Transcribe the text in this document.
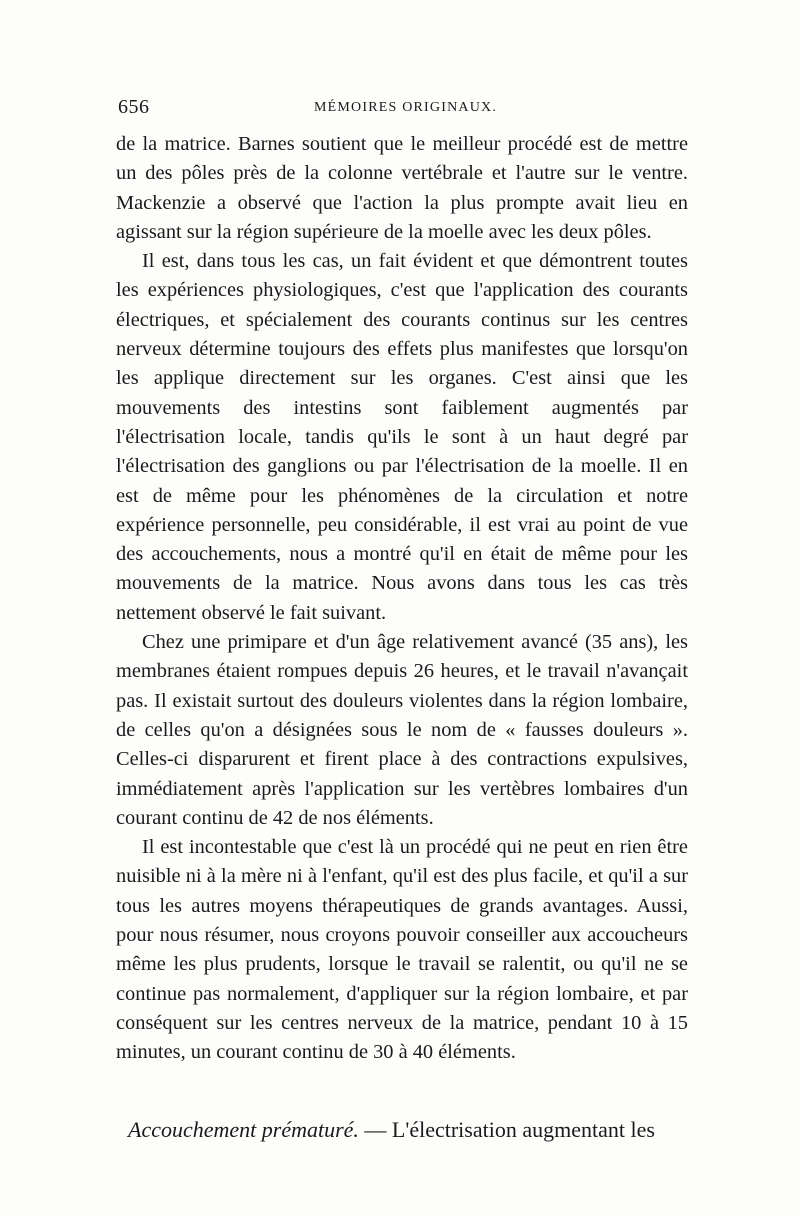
656	MÉMOIRES ORIGINAUX.

de la matrice. Barnes soutient que le meilleur procédé est de mettre un des pôles près de la colonne vertébrale et l'autre sur le ventre. Mackenzie a observé que l'action la plus prompte avait lieu en agissant sur la région supérieure de la moelle avec les deux pôles.

Il est, dans tous les cas, un fait évident et que démontrent toutes les expériences physiologiques, c'est que l'application des courants électriques, et spécialement des courants continus sur les centres nerveux détermine toujours des effets plus manifestes que lorsqu'on les applique directement sur les organes. C'est ainsi que les mouvements des intestins sont faiblement augmentés par l'électrisation locale, tandis qu'ils le sont à un haut degré par l'électrisation des ganglions ou par l'électrisation de la moelle. Il en est de même pour les phénomènes de la circulation et notre expérience personnelle, peu considérable, il est vrai au point de vue des accouchements, nous a montré qu'il en était de même pour les mouvements de la matrice. Nous avons dans tous les cas très nettement observé le fait suivant.

Chez une primipare et d'un âge relativement avancé (35 ans), les membranes étaient rompues depuis 26 heures, et le travail n'avançait pas. Il existait surtout des douleurs violentes dans la région lombaire, de celles qu'on a désignées sous le nom de « fausses douleurs ». Celles-ci disparurent et firent place à des contractions expulsives, immédiatement après l'application sur les vertèbres lombaires d'un courant continu de 42 de nos éléments.

Il est incontestable que c'est là un procédé qui ne peut en rien être nuisible ni à la mère ni à l'enfant, qu'il est des plus facile, et qu'il a sur tous les autres moyens thérapeutiques de grands avantages. Aussi, pour nous résumer, nous croyons pouvoir conseiller aux accoucheurs même les plus prudents, lorsque le travail se ralentit, ou qu'il ne se continue pas normalement, d'appliquer sur la région lombaire, et par conséquent sur les centres nerveux de la matrice, pendant 10 à 15 minutes, un courant continu de 30 à 40 éléments.

Accouchement prématuré. — L'électrisation augmentant les
